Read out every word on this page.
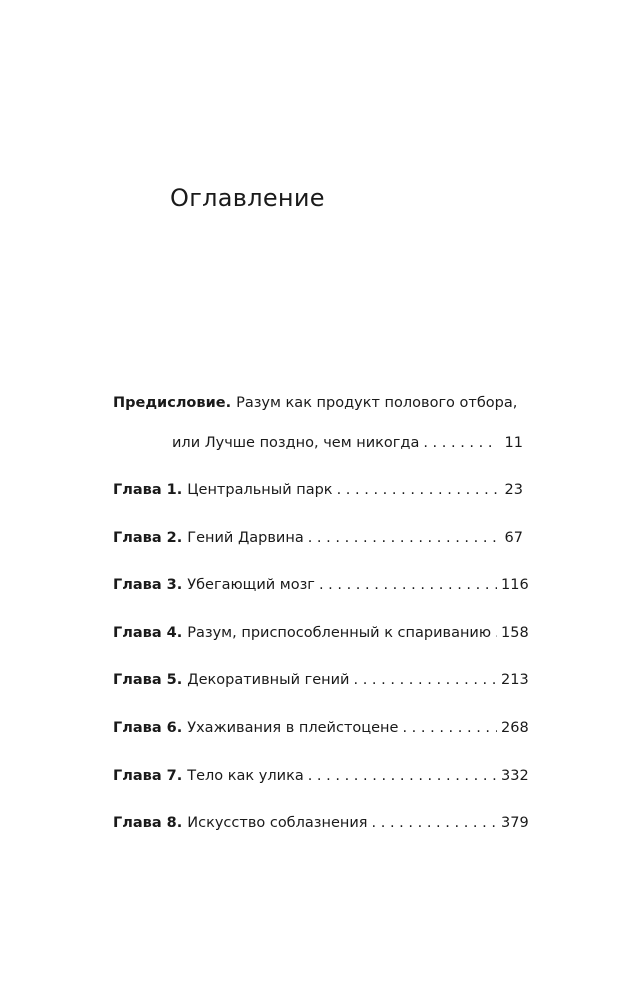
Оглавление
Предисловие. Разум как продукт полового отбора,
или Лучше поздно, чем никогда . . .	11
Глава 1. Центральный парк . . .	23
Глава 2. Гений Дарвина . . .	67
Глава 3. Убегающий мозг . . .	116
Глава 4. Разум, приспособленный к спариванию . . . 158
Глава 5. Декоративный гений . . .	213
Глава 6. Ухаживания в плейстоцене . . .	268
Глава 7. Тело как улика . . .	332
Глава 8. Искусство соблазнения . . .	379
